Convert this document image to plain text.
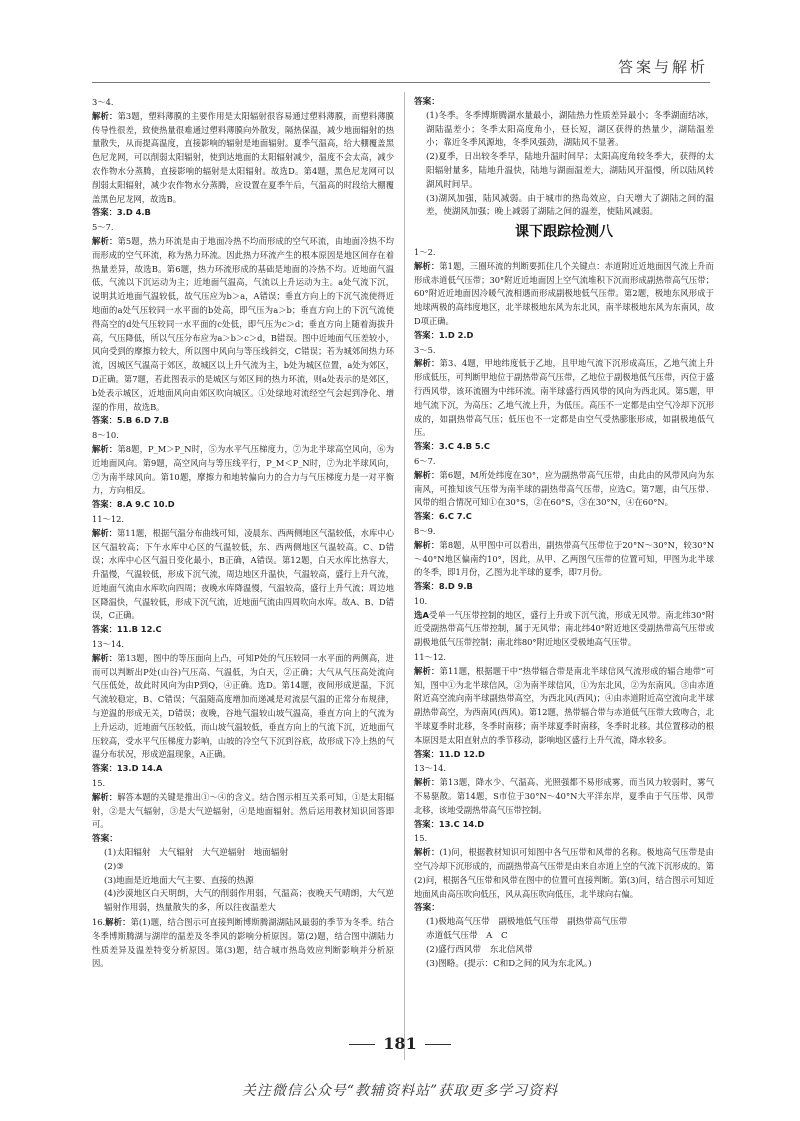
答案与解析
3～4.
解析：第3题，塑料薄膜的主要作用是太阳辐射很容易通过塑料薄膜，而塑料薄膜传导性很差，致使热量很难通过塑料薄膜向外散发，隔热保温，减少地面辐射的热量散失，从而提高温度，直接影响的辐射是地面辐射。夏季气温高，给大棚覆盖黑色尼龙网，可以削弱太阳辐射，使到达地面的太阳辐射减少，温度不会太高，减少农作物水分蒸腾，直接影响的辐射是太阳辐射。故选D。第4题，黑色尼龙网可以削弱太阳辐射，减少农作物水分蒸腾，应设置在夏季午后，气温高的时段给大棚覆盖黑色尼龙网，故选B。
答案：3.D 4.B
5～7.
解析：第5题，热力环流是由于地面冷热不均而形成的空气环流，由地面冷热不均而形成的空气环流，称为热力环流。因此热力环流产生的根本原因是地区间存在着热量差异，故选B。第6题，热力环流形成的基础是地面的冷热不均。近地面气温低，气流以下沉运动为主；近地面气温高，气流以上升运动为主。a处气流下沉，说明其近地面气温较低，故气压应为b＞a，A错误；垂直方向上的下沉气流使得近地面的a处气压较同一水平面的b处高，即气压为a＞b；垂直方向上的下沉气流使得高空的d处气压较同一水平面的c处低，即气压为c＞d；垂直方向上随着海拔升高，气压降低，所以气压分布应为a＞b＞c＞d，B错误。图中近地面气压差较小，风向受到的摩擦力较大，所以图中风向与等压线斜交，C错误；若为城郊间热力环流，因城区气温高于郊区，故城区以上升气流为主，b处为城区位置，a处为郊区，D正确。第7题，若此图表示的是城区与郊区间的热力环流，则a处表示的是郊区，b处表示城区，近地面风向由郊区吹向城区。①处绿地对流经空气会起到净化、增湿的作用，故选B。
答案：5.B 6.D 7.B
8～10.
解析：第8题，P_M＞P_N时，⑤为水平气压梯度力，⑦为北半球高空风向，⑥为近地面风向。第9题，高空风向与等压线平行，P_M＜P_N时，⑦为北半球风向，⑦为南半球风向。第10题，摩擦力和地转偏向力的合力与气压梯度力是一对平衡力，方向相反。
答案：8.A 9.C 10.D
11～12.
解析：第11题，根据气温分布曲线可知，凌晨东、西两侧地区气温较低，水库中心区气温较高；下午水库中心区的气温较低，东、西两侧地区气温较高。C、D错误；水库中心区气温日变化最小，B正确，A错误。第12题，白天水库比热容大，升温慢，气温较低，形成下沉气流，周边地区升温快，气温较高，盛行上升气流，近地面气流由水库吹向四周；夜晚水库降温慢，气温较高，盛行上升气流；周边地区降温快，气温较低，形成下沉气流，近地面气流由四周吹向水库。故A、B、D错误，C正确。
答案：11.B 12.C
13～14.
解析：第13题，图中的等压面向上凸，可知P处的气压较同一水平面的两侧高，进而可以判断出P处(山谷)气压高、气温低，为白天，②正确；大气从气压高处流向气压低处，故此时风向为由P到Q，④正确。选D。第14题，夜间形成逆温，下沉气流较稳定，B、C错误；气温随高度增加而递减是对流层气温的正常分布规律，与逆温的形成无关，D错误；夜晚，谷地气温较山坡气温高，垂直方向上的气流为上升运动，近地面气压较低，而山坡气温较低，垂直方向上的气流下沉，近地面气压较高，受水平气压梯度力影响，山坡的冷空气下沉到谷底，故形成下冷上热的气温分布状况，形成逆温现象，A正确。
答案：13.D 14.A
15.
解析：解答本题的关键是推出①～④的含义。结合图示相互关系可知，①是太阳辐射，②是大气辐射，③是大气逆辐射，④是地面辐射。然后运用教材知识回答即可。
答案：
(1)太阳辐射　大气辐射　大气逆辐射　地面辐射
(2)③
(3)地面是近地面大气主要、直接的热源
(4)沙漠地区白天明朗，大气的削弱作用弱，气温高；夜晚天气晴朗，大气逆辐射作用弱，热量散失的多，所以往夜温差大
16.解析：第(1)题，结合图示可直接判断博斯腾湖湖陆风最弱的季节为冬季。结合冬季博斯腾湖与湖岸的温差及冬季风的影响分析原因。第(2)题，结合图中湖陆力性质差异及温差特变分析原因。第(3)题，结合城市热岛效应判断影响并分析原因。
答案：
(1)冬季。冬季博斯腾湖水量最小，湖陆热力性质差异最小；冬季湖面结冰，湖陆温差小；冬季太阳高度角小，昼长短，湖区获得的热量少，湖陆温差小；靠近冬季风源地，冬季风强劲，湖陆风不显著。
(2)夏季，日出较冬季早，陆地升温时间早；太阳高度角较冬季大，获得的太阳辐射量多，陆地升温快，陆地与湖面温差大，湖陆风开温慢，所以陆风转湖风时间早。
(3)湖风加强，陆风减弱。由于城市的热岛效应，白天增大了湖陆之间的温差，使湖风加强；晚上减弱了湖陆之间的温差，使陆风减弱。
课下跟踪检测八
1～2.
解析：第1题，三圈环流的判断要抓住几个关键点：赤道附近近地面因气流上升而形成赤道低气压带；30°附近近地面因上空气流堆积下沉而形成副热带高气压带；60°附近近地面因冷暖气流相遇而形成副极地低气压带。第2题，极地东风形成于地球两极的高纬度地区，北半球极地东风为东北风，南半球极地东风为东南风，故D项正确。
答案：1.D 2.D
3～5.
解析：第3、4题，甲地纬度低于乙地，且甲地气流下沉形成高压，乙地气流上升形成低压，可判断甲地位于副热带高气压带，乙地位于副极地低气压带，丙位于盛行西风带，该环流圈为中纬环流。南半球盛行西风带的风向为西北风。第5题，甲地气流下沉，为高压；乙地气流上升，为低压。高压不一定都是由空气冷却下沉形成的，如副热带高气压；低压也不一定都是由空气受热膨胀形成，如副极地低气压。
答案：3.C 4.B 5.C
6～7.
解析：第6题，M所处纬度在30°，应为副热带高气压带，由此由的风带风向为东南风，可推知该气压带为南半球的副热带高气压带，应选C。第7题，由气压带、风带的组合情况可知①在30°S，②在60°S，③在30°N，④在60°N。
答案：6.C 7.C
8～9.
解析：第8题，从甲图中可以看出，副热带高气压带位于20°N～30°N，较30°N～40°N地区偏南约10°，因此，从甲、乙两图气压带的位置可知，甲图为北半球的冬季，即1月份，乙图为北半球的夏季，即7月份。
答案：8.D 9.B
10.
选A受单一气压带控制的地区，盛行上升或下沉气流，形成无风带。南北纬30°附近受副热带高气压带控制，属于无风带；南北纬40°附近地区受副热带高气压带或副极地低气压带控制；南北纬80°附近地区受极地高气压带。
11～12.
解析：第11题，根据题干中“热带辐合带是南北半球信风气流形成的辐合地带”可知，图中①为北半球信风，②为南半球信风，①为东北风，②为东南风。③由赤道附近高空流向南半球副热带高空，为西北风(西风)；④由赤道附近高空流向北半球副热带高空，为西南风(西风)。第12题，热带辐合带与赤道低气压带大致吻合，北半球夏季时北移，冬季时南移；南半球夏季时南移，冬季时北移。其位置移动的根本原因是太阳直射点的季节移动，影响地区盛行上升气流，降水较多。
答案：11.D 12.D
13～14.
解析：第13题，降水少、气温高、光照强都不易形成雾，而当风力较弱时，雾气不易驱散。第14题，S市位于30°N～40°N大平洋东岸，夏季由于气压带、风带北移，该地受副热带高气压带控制。
答案：13.C 14.D
15.
解析：(1)问，根据教材知识可知图中各气压带和风带的名称。极地高气压带是由空气冷却下沉形成的，而副热带高气压带是由来自赤道上空的气流下沉形成的。第(2)问，根据各气压带和风带在图中的位置可直接判断。第(3)问，结合图示可知近地面风由高压吹向低压，风从高压吹向低压，北半球向右偏。
答案：
(1)极地高气压带　副极地低气压带　副热带高气压带
赤道低气压带　A　C
(2)盛行西风带　东北信风带
(3)图略。(提示：C和D之间的风为东北风。)
181
关注微信公众号“教辅资料站”获取更多学习资料
